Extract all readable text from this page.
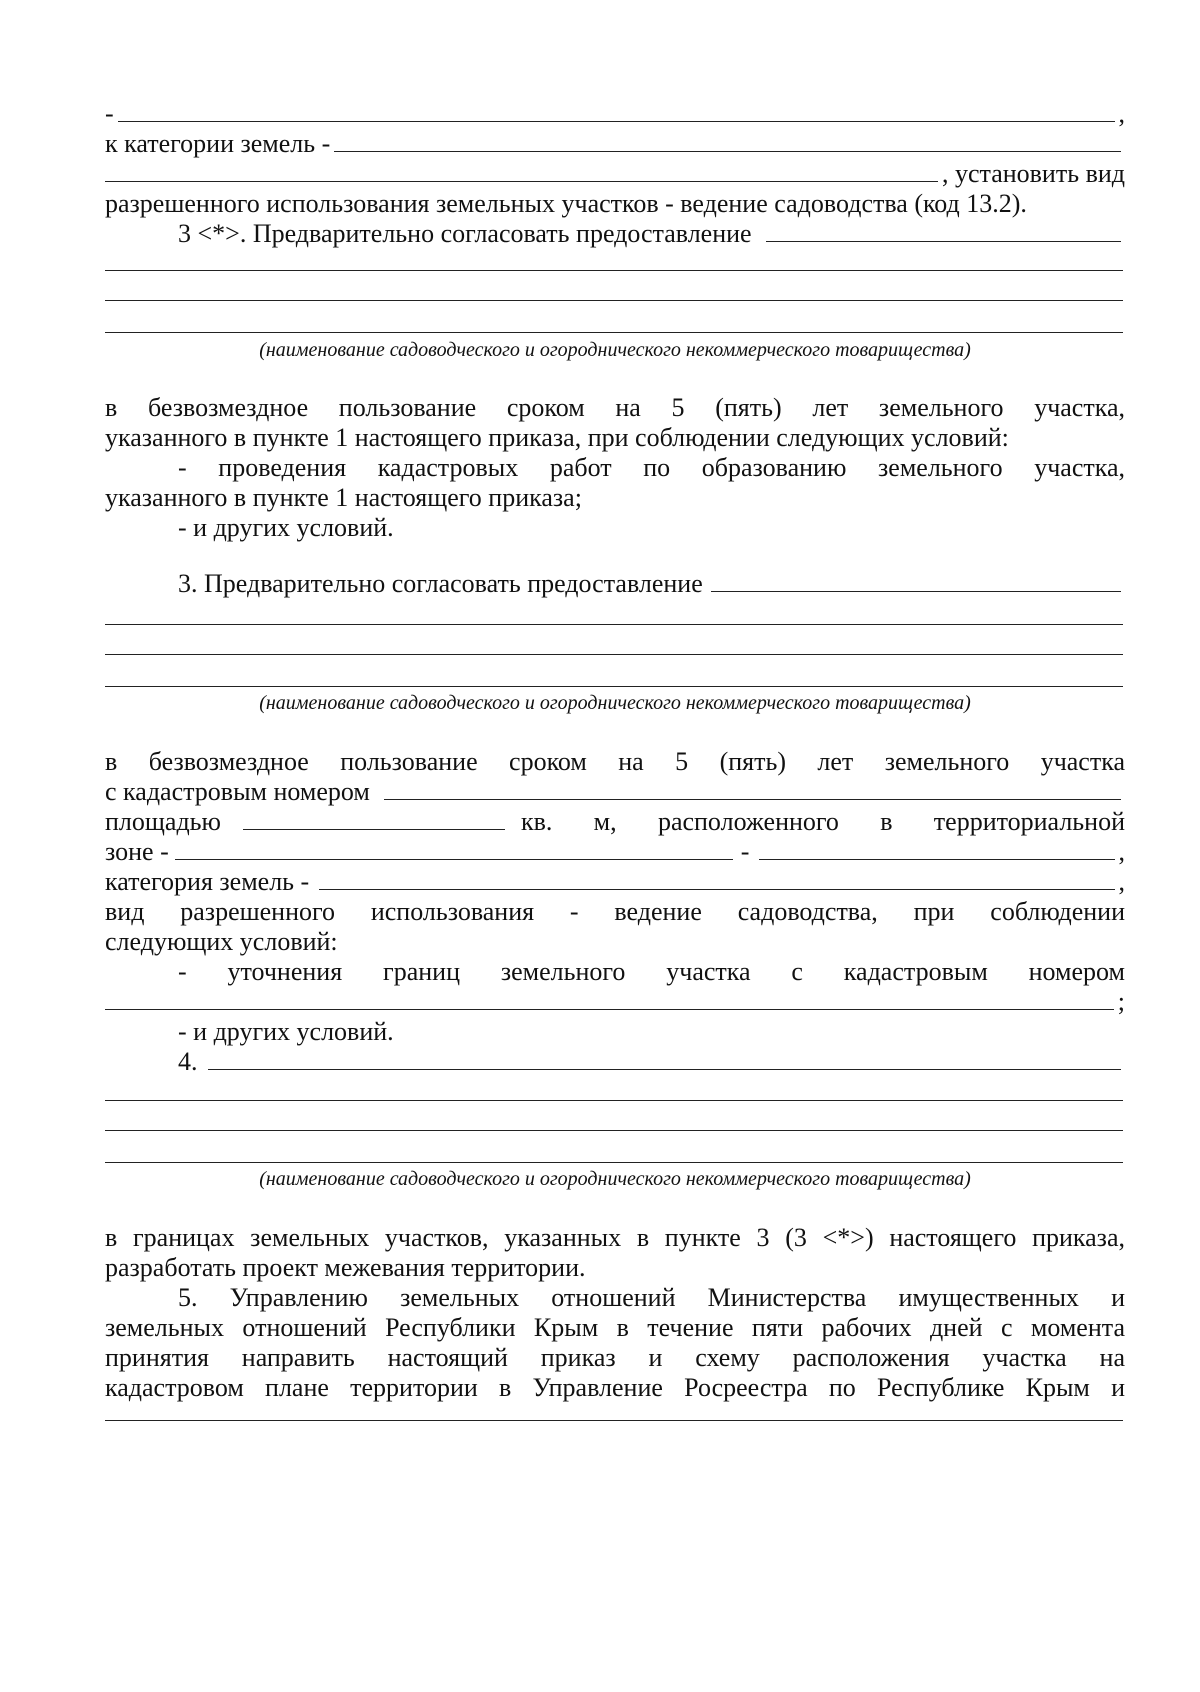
-	,
к категории земель -
, установить вид
разрешенного использования земельных участков - ведение садоводства (код 13.2).
3 <*>. Предварительно согласовать предоставление
(наименование садоводческого и огороднического некоммерческого товарищества)
в безвозмездное пользование сроком на 5 (пять) лет земельного участка,
указанного в пункте 1 настоящего приказа, при соблюдении следующих условий:
- проведения кадастровых работ по образованию земельного участка,
указанного в пункте 1 настоящего приказа;
- и других условий.
3. Предварительно согласовать предоставление
(наименование садоводческого и огороднического некоммерческого товарищества)
в безвозмездное пользование сроком на 5 (пять) лет земельного участка
с кадастровым номером
площадью	кв. м, расположенного в территориальной
зоне -	-	,
категория земель -	,
вид разрешенного использования - ведение садоводства, при соблюдении
следующих условий:
- уточнения границ земельного участка с кадастровым номером
;
- и других условий.
4.
(наименование садоводческого и огороднического некоммерческого товарищества)
в границах земельных участков, указанных в пункте 3 (3 <*>) настоящего приказа,
разработать проект межевания территории.
5. Управлению земельных отношений Министерства имущественных и
земельных отношений Республики Крым в течение пяти рабочих дней с момента
принятия направить настоящий приказ и схему расположения участка на
кадастровом плане территории в Управление Росреестра по Республике Крым и
